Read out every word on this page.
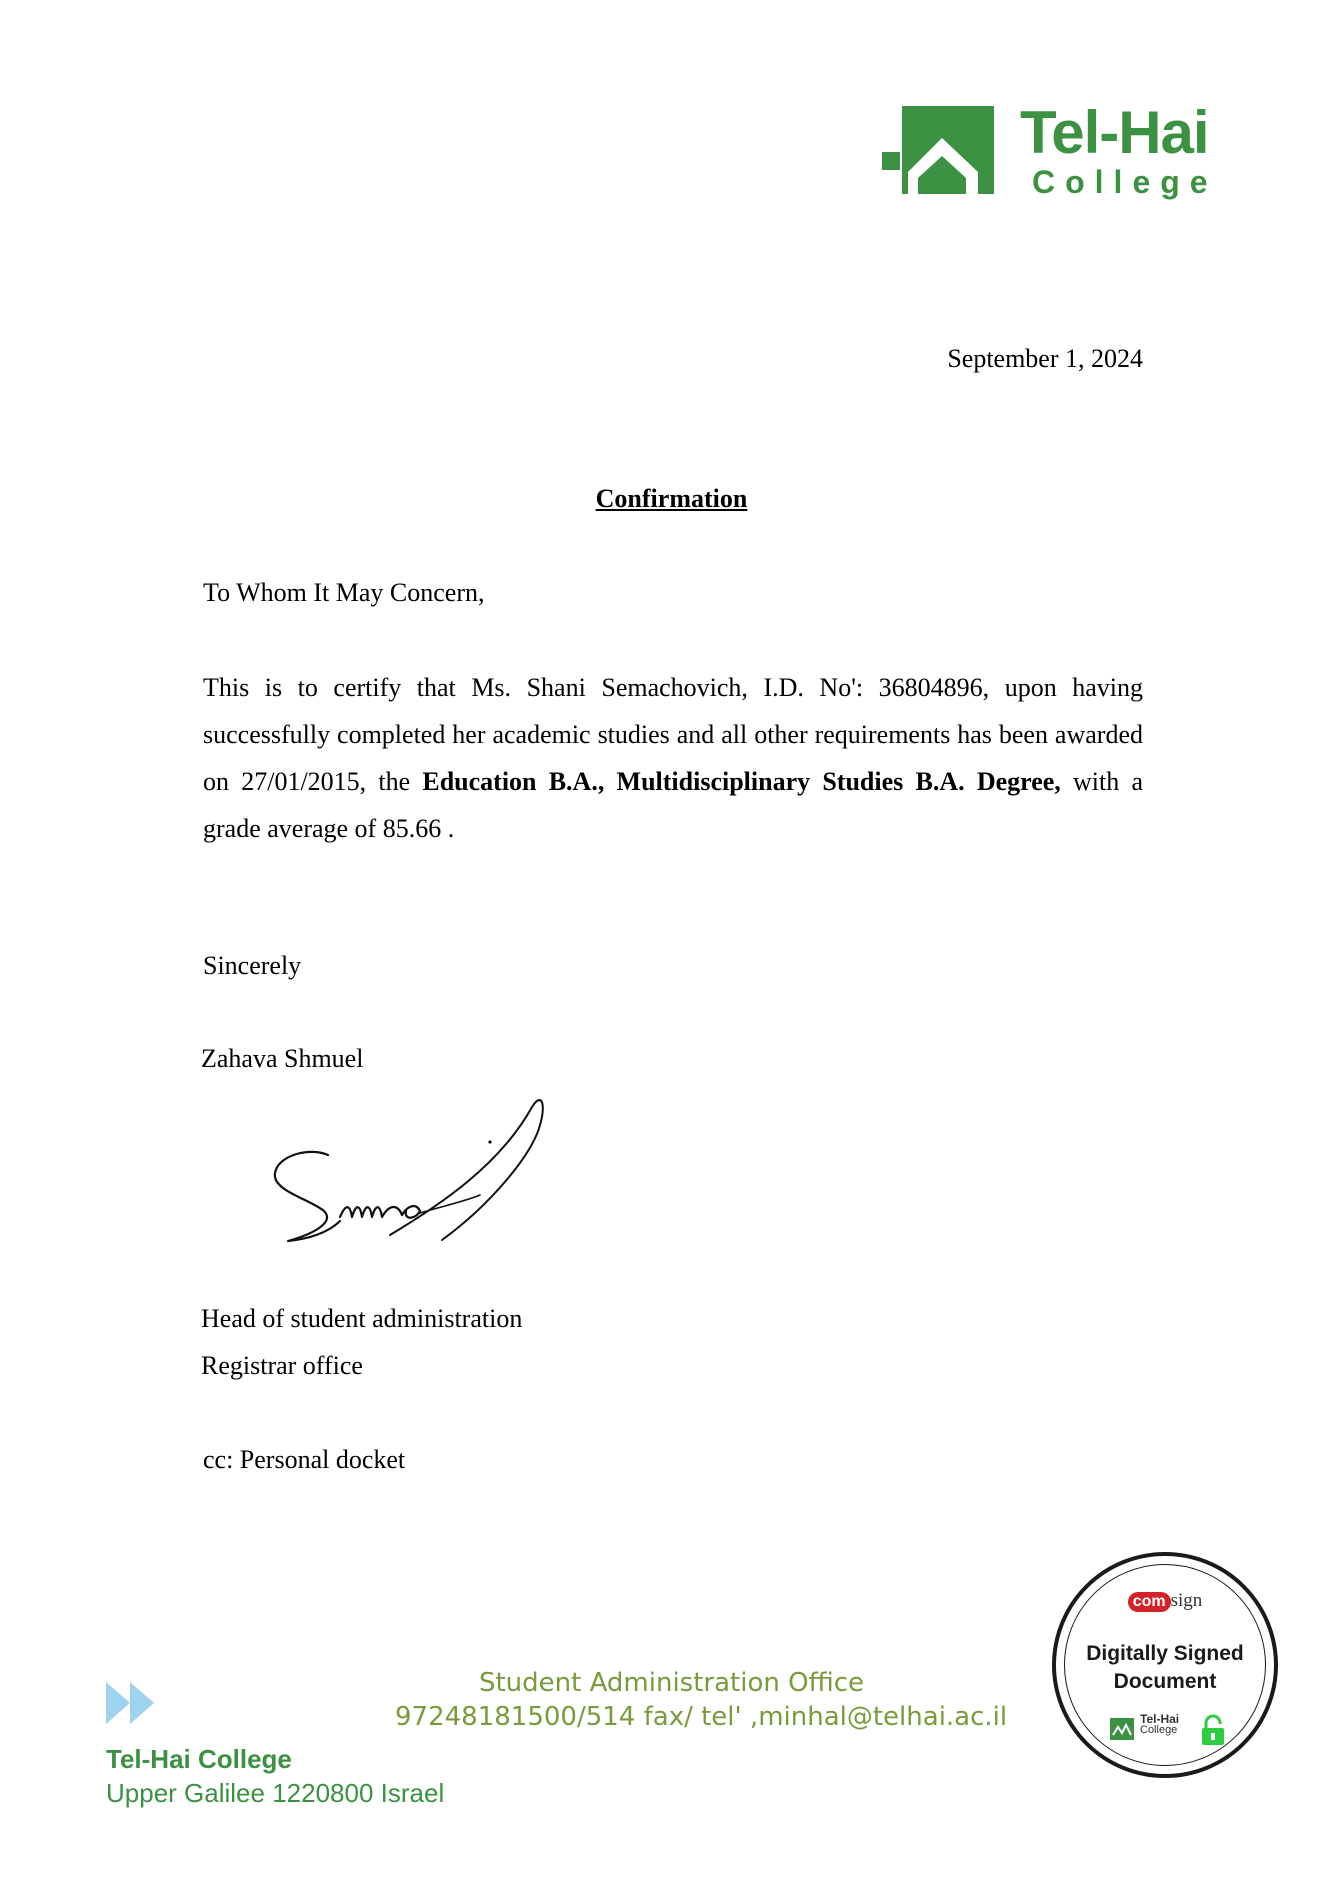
Tel-Hai
College
September 1, 2024
Confirmation
To Whom It May Concern,
This is to certify that Ms. Shani Semachovich, I.D. No': 36804896, upon having successfully completed her academic studies and all other requirements has been awarded on 27/01/2015, the Education B.A., Multidisciplinary Studies B.A. Degree, with a grade average of 85.66 .
Sincerely
Zahava Shmuel
Head of student administration
Registrar office
cc: Personal docket
Student Administration Office
97248181500/514 fax/ tel' ,minhal@telhai.ac.il
Tel-Hai College
Upper Galilee 1220800 Israel
com sign
Digitally Signed
Document
Tel-Hai
College
